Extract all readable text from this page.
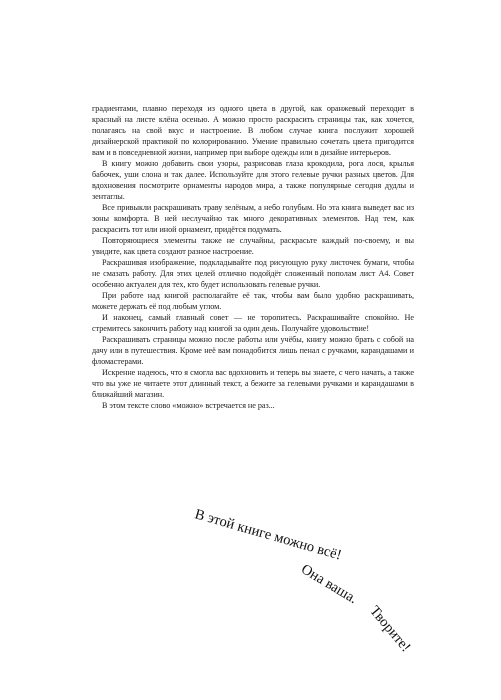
градиентами, плавно переходя из одного цвета в другой, как оранжевый переходит в красный на листе клёна осенью. А можно просто раскрасить страницы так, как хочется, полагаясь на свой вкус и настроение. В любом случае книга послужит хорошей дизайнерской практикой по колорированию. Умение правильно сочетать цвета пригодится вам и в повседневной жизни, например при выборе одежды или в дизайне интерьеров.

В книгу можно добавить свои узоры, разрисовав глаза крокодила, рога лося, крылья бабочек, уши слона и так далее. Используйте для этого гелевые ручки разных цветов. Для вдохновения посмотрите орнаменты народов мира, а также популярные сегодня дудлы и зентаглы.

Все привыкли раскрашивать траву зелёным, а небо голубым. Но эта книга выведет вас из зоны комфорта. В ней неслучайно так много декоративных элементов. Над тем, как раскрасить тот или иной орнамент, придётся подумать.

Повторяющиеся элементы также не случайны, раскрасьте каждый по-своему, и вы увидите, как цвета создают разное настроение.

Раскрашивая изображение, подкладывайте под рисующую руку листочек бумаги, чтобы не смазать работу. Для этих целей отлично подойдёт сложенный пополам лист А4. Совет особенно актуален для тех, кто будет использовать гелевые ручки.

При работе над книгой располагайте её так, чтобы вам было удобно раскрашивать, можете держать её под любым углом.

И наконец, самый главный совет — не торопитесь. Раскрашивайте спокойно. Не стремитесь закончить работу над книгой за один день. Получайте удовольствие!

Раскрашивать страницы можно после работы или учёбы, книгу можно брать с собой на дачу или в путешествия. Кроме неё вам понадобится лишь пенал с ручками, карандашами и фломастерами.

Искренне надеюсь, что я смогла вас вдохновить и теперь вы знаете, с чего начать, а также что вы уже не читаете этот длинный текст, а бежите за гелевыми ручками и карандашами в ближайший магазин.

В этом тексте слово «можно» встречается не раз...

В этой книге можно всё!
Она ваша.
Творите!
